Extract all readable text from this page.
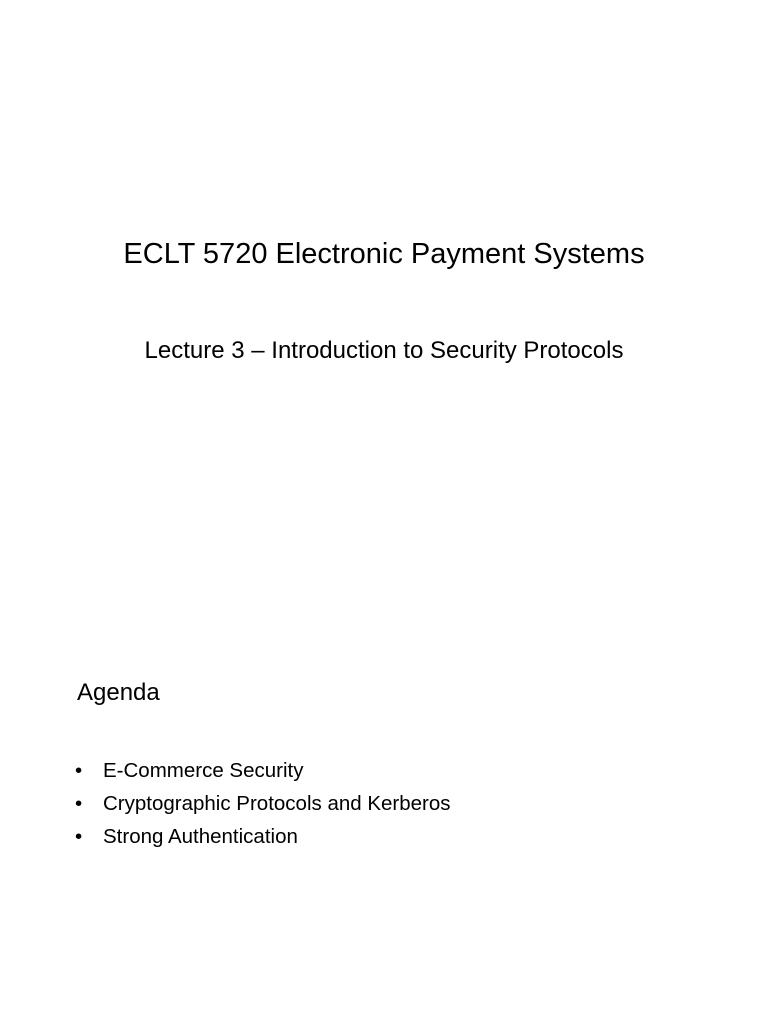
ECLT 5720 Electronic Payment Systems
Lecture 3 – Introduction to Security Protocols
Agenda
• E-Commerce Security
• Cryptographic Protocols and Kerberos
• Strong Authentication
